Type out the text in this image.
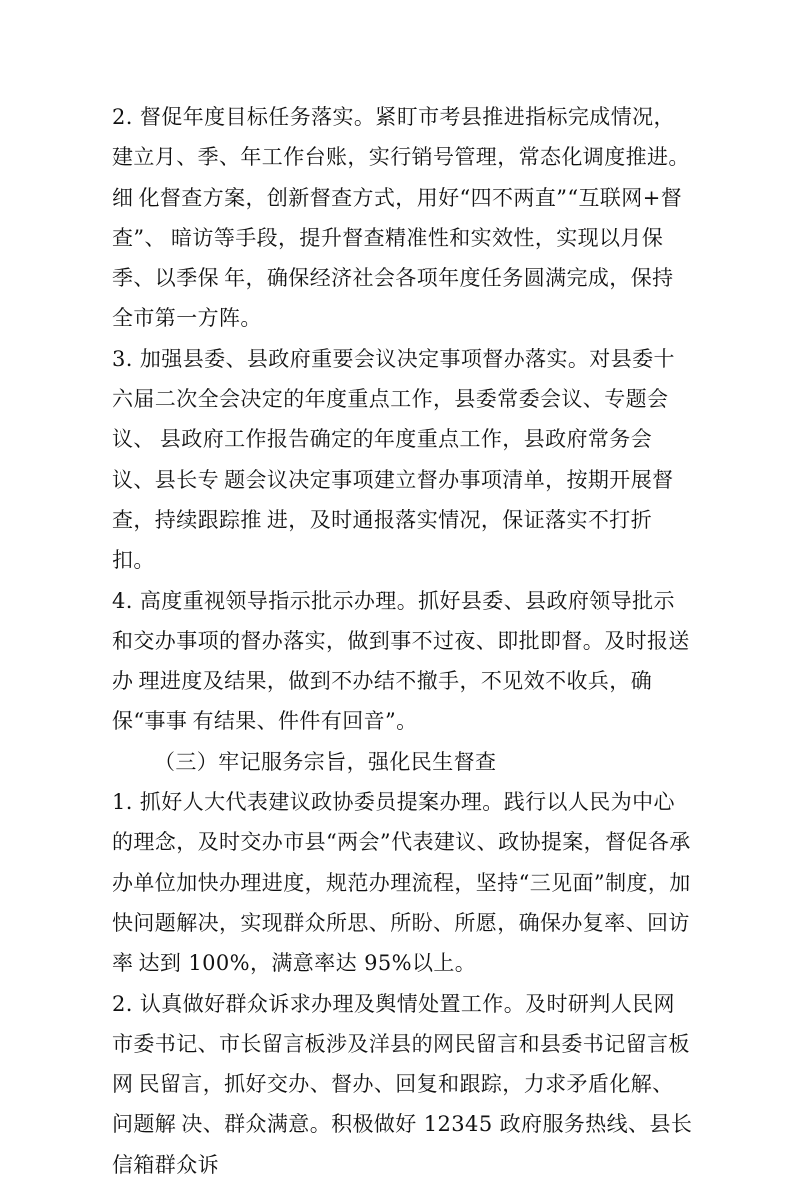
2. 督促年度目标任务落实。紧盯市考县推进指标完成情况， 建立月、季、年工作台账，实行销号管理，常态化调度推进。细 化督查方案，创新督查方式，用好“四不两直”“互联网+督查”、 暗访等手段，提升督查精准性和实效性，实现以月保季、以季保 年，确保经济社会各项年度任务圆满完成，保持全市第一方阵。
3. 加强县委、县政府重要会议决定事项督办落实。对县委十 六届二次全会决定的年度重点工作，县委常委会议、专题会议、 县政府工作报告确定的年度重点工作，县政府常务会议、县长专 题会议决定事项建立督办事项清单，按期开展督查，持续跟踪推 进，及时通报落实情况，保证落实不打折扣。
4. 高度重视领导指示批示办理。抓好县委、县政府领导批示 和交办事项的督办落实，做到事不过夜、即批即督。及时报送办 理进度及结果，做到不办结不撤手，不见效不收兵，确保“事事 有结果、件件有回音”。
（三）牢记服务宗旨，强化民生督查
1. 抓好人大代表建议政协委员提案办理。践行以人民为中心 的理念，及时交办市县“两会”代表建议、政协提案，督促各承 办单位加快办理进度，规范办理流程，坚持“三见面”制度，加 快问题解决，实现群众所思、所盼、所愿，确保办复率、回访率 达到 100%，满意率达 95%以上。
2. 认真做好群众诉求办理及舆情处置工作。及时研判人民网 市委书记、市长留言板涉及洋县的网民留言和县委书记留言板网 民留言，抓好交办、督办、回复和跟踪，力求矛盾化解、问题解 决、群众满意。积极做好 12345 政府服务热线、县长信箱群众诉
